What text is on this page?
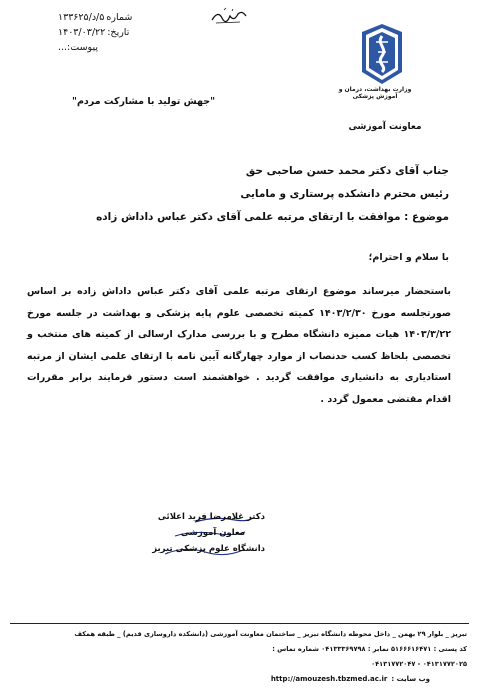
شماره
۵/د/۱۳۳۶۲۵
تاریخ:
۱۴۰۳/۰۳/۲۲
پیوست:...
"جهش تولید با مشارکت مردم"
وزارت بهداشت، درمان و آموزش پزشکی
معاونت آموزشی
جناب آقای دکتر محمد حسن صاحبی حق
رئیس محترم دانشکده پرستاری و مامایی
موضوع : موافقت با ارتقای مرتبه علمی آقای دکتر عباس داداش زاده
با سلام و احترام؛
باستحضار میرساند موضوع ارتقای مرتبه علمی آقای دکتر عباس داداش زاده بر اساس صورتجلسه مورخ ۱۴۰۳/۲/۳۰ کمیته تخصصی علوم پایه پزشکی و بهداشت در جلسه مورخ ۱۴۰۳/۳/۲۲ هیات ممیزه دانشگاه مطرح و با بررسی مدارک ارسالی از کمیته های منتخب و تخصصی بلحاظ کسب حدنصاب از موارد چهارگانه آیین نامه با ارتقای علمی ایشان از مرتبه استادیاری به دانشیاری موافقت گردید . خواهشمند است دستور فرمایند برابر مقررات اقدام مقتضی معمول گردد .
دکتر غلامرضا فرید اعلائی
معاون آموزشی
دانشگاه علوم پزشکی تبریز
تبریز _ بلوار ۲۹ بهمن _ داخل محوطه دانشگاه تبریز _ ساختمان معاونت آموزشی (دانشکده داروسازی قدیم) _ طبقه همکف
کد پستی : ۵۱۶۶۶۱۶۴۷۱ نمابر : ۰۴۱۳۳۳۶۹۷۹۸ شماره تماس :
۰۴۱۳۱۷۷۲۰۲۵ - ۰۴۱۳۱۷۷۲۰۴۷
http://amouzesh.tbzmed.ac.ir وب سایت :
